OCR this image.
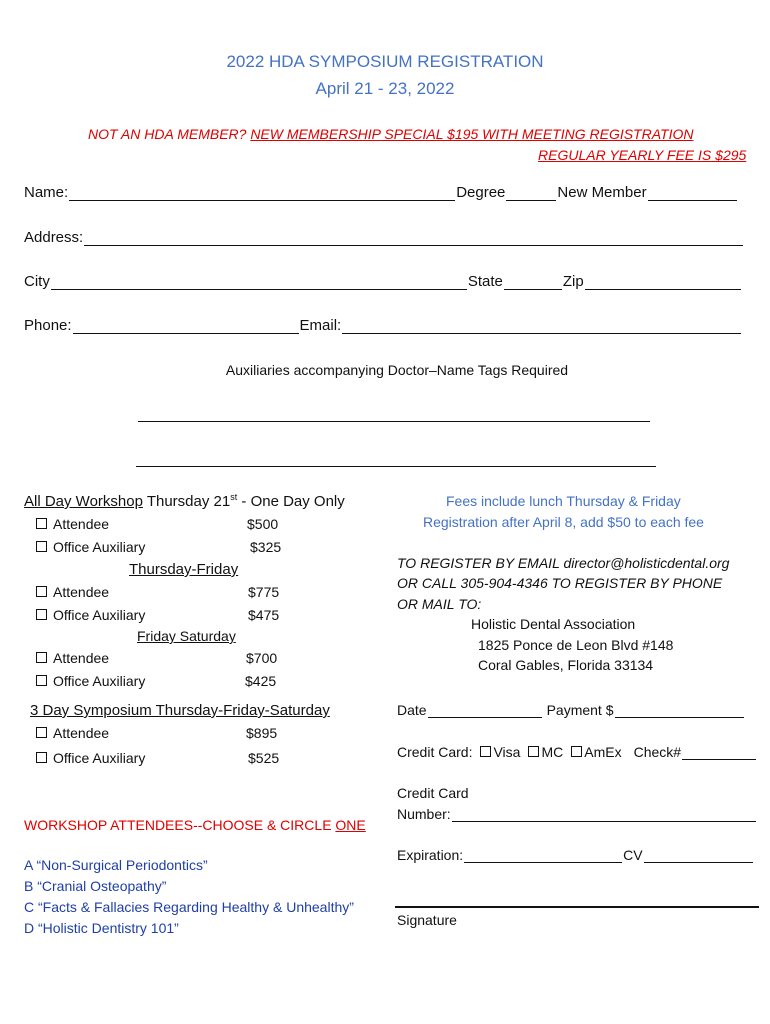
2022 HDA SYMPOSIUM REGISTRATION
April 21 - 23, 2022
NOT AN HDA MEMBER? NEW MEMBERSHIP SPECIAL $195 WITH MEETING REGISTRATION
REGULAR YEARLY FEE IS $295
Name:	Degree	New Member
Address:
City	State	Zip
Phone:	Email:
Auxiliaries accompanying Doctor–Name Tags Required
All Day Workshop Thursday 21st - One Day Only
Attendee	$500
Office Auxiliary	$325
Thursday-Friday
Attendee	$775
Office Auxiliary	$475
Friday Saturday
Attendee	$700
Office Auxiliary	$425
3 Day Symposium Thursday-Friday-Saturday
Attendee	$895
Office Auxiliary	$525
WORKSHOP ATTENDEES--CHOOSE & CIRCLE ONE
A “Non-Surgical Periodontics”
B “Cranial Osteopathy”
C “Facts & Fallacies Regarding Healthy & Unhealthy”
D “Holistic Dentistry 101”
Fees include lunch Thursday & Friday
Registration after April 8, add $50 to each fee
TO REGISTER BY EMAIL director@holisticdental.org
OR CALL 305-904-4346 TO REGISTER BY PHONE
OR MAIL TO:
Holistic Dental Association
1825 Ponce de Leon Blvd #148
Coral Gables, Florida 33134
Date	Payment $
Credit Card:	Visa	MC	AmEx Check#
Credit Card
Number:
Expiration:	CV
Signature
